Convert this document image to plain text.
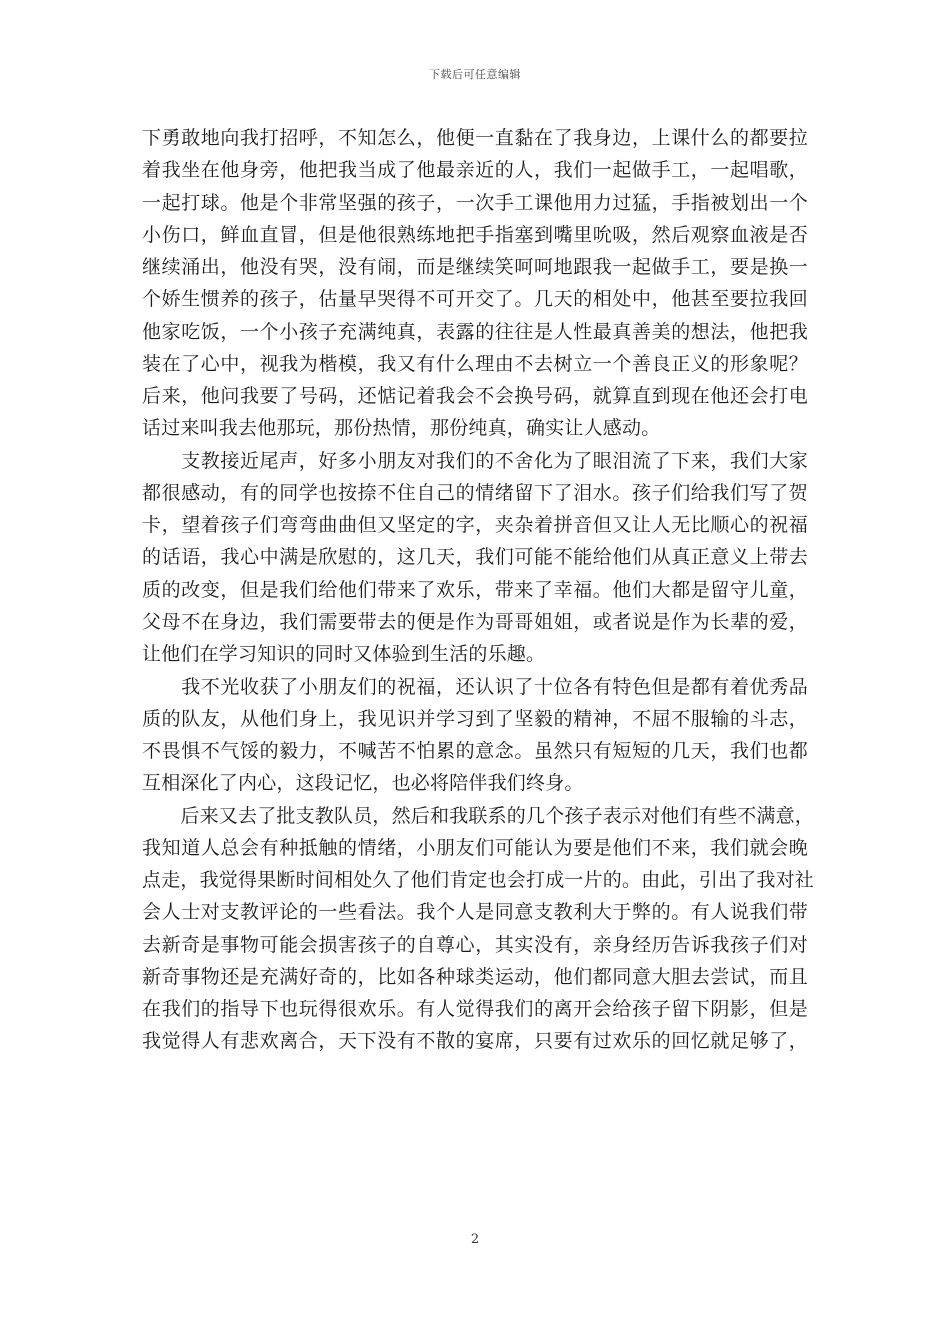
下载后可任意编辑
下勇敢地向我打招呼，不知怎么，他便一直黏在了我身边，上课什么的都要拉
着我坐在他身旁，他把我当成了他最亲近的人，我们一起做手工，一起唱歌，
一起打球。他是个非常坚强的孩子，一次手工课他用力过猛，手指被划出一个
小伤口，鲜血直冒，但是他很熟练地把手指塞到嘴里吮吸，然后观察血液是否
继续涌出，他没有哭，没有闹，而是继续笑呵呵地跟我一起做手工，要是换一
个娇生惯养的孩子，估量早哭得不可开交了。几天的相处中，他甚至要拉我回
他家吃饭，一个小孩子充满纯真，表露的往往是人性最真善美的想法，他把我
装在了心中，视我为楷模，我又有什么理由不去树立一个善良正义的形象呢？
后来，他问我要了号码，还惦记着我会不会换号码，就算直到现在他还会打电
话过来叫我去他那玩，那份热情，那份纯真，确实让人感动。
　　支教接近尾声，好多小朋友对我们的不舍化为了眼泪流了下来，我们大家
都很感动，有的同学也按捺不住自己的情绪留下了泪水。孩子们给我们写了贺
卡，望着孩子们弯弯曲曲但又坚定的字，夹杂着拼音但又让人无比顺心的祝福
的话语，我心中满是欣慰的，这几天，我们可能不能给他们从真正意义上带去
质的改变，但是我们给他们带来了欢乐，带来了幸福。他们大都是留守儿童，
父母不在身边，我们需要带去的便是作为哥哥姐姐，或者说是作为长辈的爱，
让他们在学习知识的同时又体验到生活的乐趣。
　　我不光收获了小朋友们的祝福，还认识了十位各有特色但是都有着优秀品
质的队友，从他们身上，我见识并学习到了坚毅的精神，不屈不服输的斗志，
不畏惧不气馁的毅力，不喊苦不怕累的意念。虽然只有短短的几天，我们也都
互相深化了内心，这段记忆，也必将陪伴我们终身。
　　后来又去了批支教队员，然后和我联系的几个孩子表示对他们有些不满意，
我知道人总会有种抵触的情绪，小朋友们可能认为要是他们不来，我们就会晚
点走，我觉得果断时间相处久了他们肯定也会打成一片的。由此，引出了我对社
会人士对支教评论的一些看法。我个人是同意支教利大于弊的。有人说我们带
去新奇是事物可能会损害孩子的自尊心，其实没有，亲身经历告诉我孩子们对
新奇事物还是充满好奇的，比如各种球类运动，他们都同意大胆去尝试，而且
在我们的指导下也玩得很欢乐。有人觉得我们的离开会给孩子留下阴影，但是
我觉得人有悲欢离合，天下没有不散的宴席，只要有过欢乐的回忆就足够了，
2
